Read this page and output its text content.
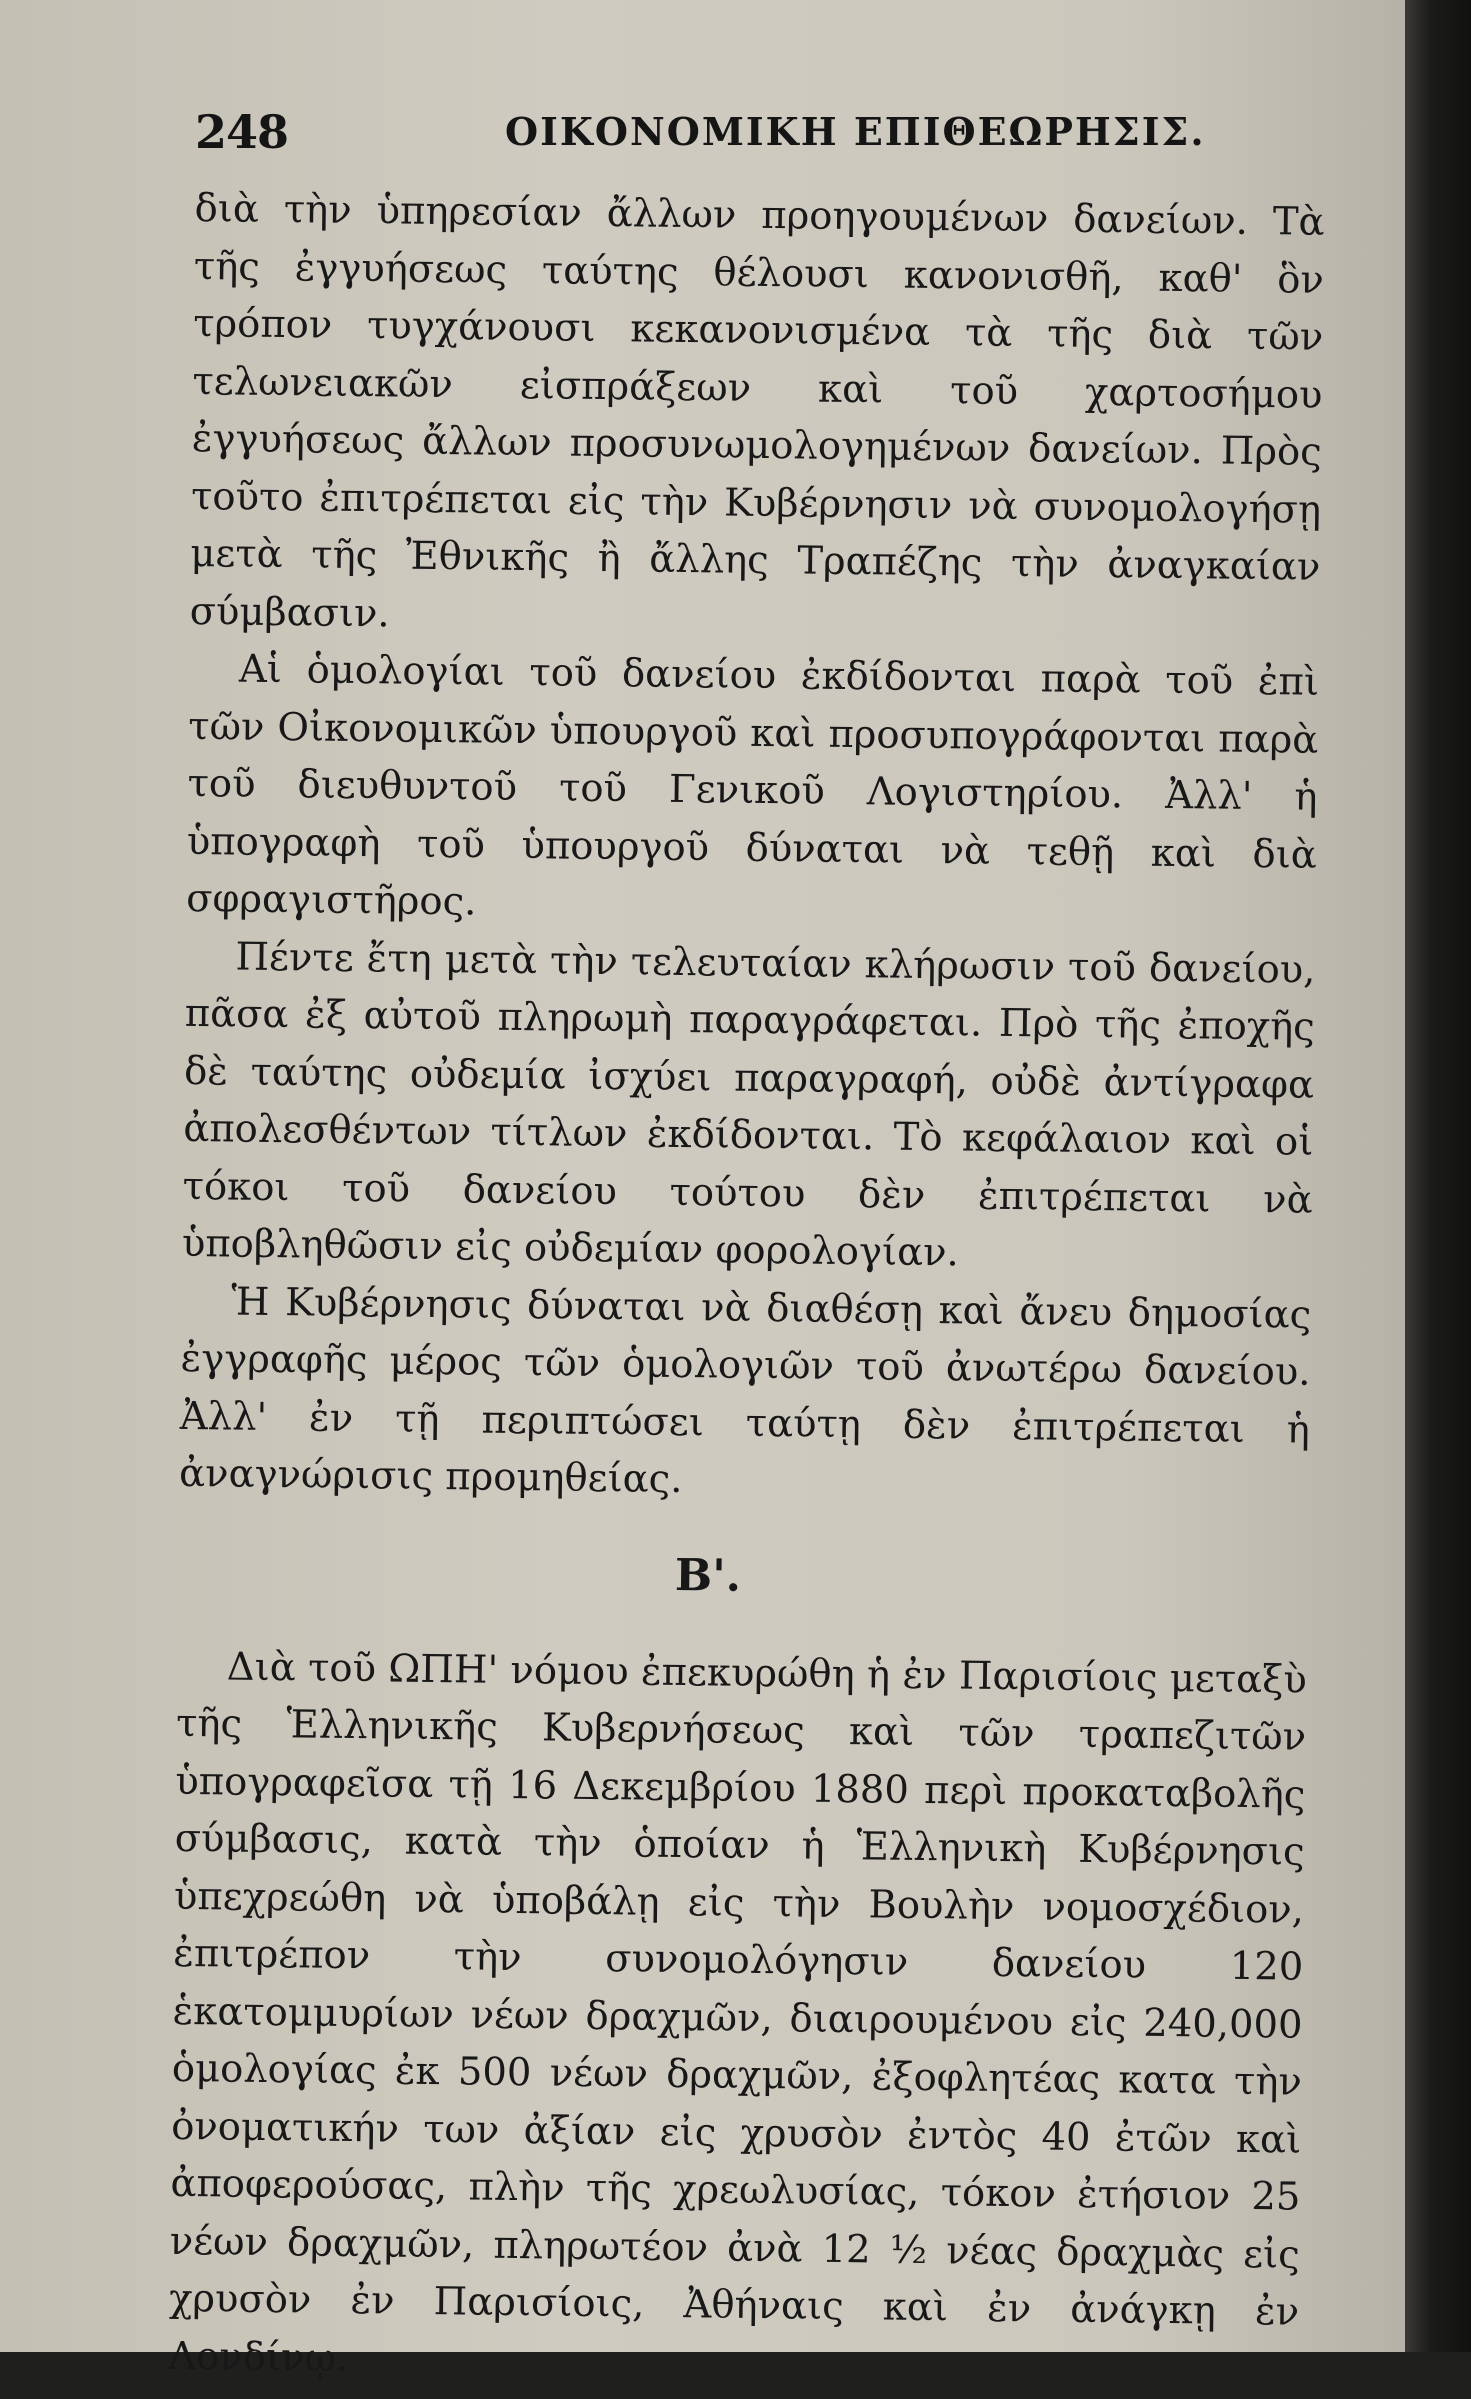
248	ΟΙΚΟΝΟΜΙΚΗ ΕΠΙΘΕΩΡΗΣΙΣ.

διὰ τὴν ὑπηρεσίαν ἄλλων προηγουμένων δανείων. Τὰ τῆς ἐγγυήσεως ταύτης θέλουσι κανονισθῆ, καθ' ὃν τρόπον τυγχάνουσι κεκανονισμένα τὰ τῆς διὰ τῶν τελωνειακῶν εἰσπράξεων καὶ τοῦ χαρτοσήμου ἐγγυήσεως ἄλλων προσυνωμολογημένων δανείων. Πρὸς τοῦτο ἐπιτρέπεται εἰς τὴν Κυβέρνησιν νὰ συνομολογήσῃ μετὰ τῆς Ἐθνικῆς ἢ ἄλλης Τραπέζης τὴν ἀναγκαίαν σύμβασιν.

Αἱ ὁμολογίαι τοῦ δανείου ἐκδίδονται παρὰ τοῦ ἐπὶ τῶν Οἰκονομικῶν ὑπουργοῦ καὶ προσυπογράφονται παρὰ τοῦ διευθυντοῦ τοῦ Γενικοῦ Λογιστηρίου. Ἀλλ' ἡ ὑπογραφὴ τοῦ ὑπουργοῦ δύναται νὰ τεθῇ καὶ διὰ σφραγιστῆρος.

Πέντε ἔτη μετὰ τὴν τελευταίαν κλήρωσιν τοῦ δανείου, πᾶσα ἐξ αὐτοῦ πληρωμὴ παραγράφεται. Πρὸ τῆς ἐποχῆς δὲ ταύτης οὐδεμία ἰσχύει παραγραφή, οὐδὲ ἀντίγραφα ἀπολεσθέντων τίτλων ἐκδίδονται. Τὸ κεφάλαιον καὶ οἱ τόκοι τοῦ δανείου τούτου δὲν ἐπιτρέπεται νὰ ὑποβληθῶσιν εἰς οὐδεμίαν φορολογίαν.

Ἡ Κυβέρνησις δύναται νὰ διαθέσῃ καὶ ἄνευ δημοσίας ἐγγραφῆς μέρος τῶν ὁμολογιῶν τοῦ ἀνωτέρω δανείου. Ἀλλ' ἐν τῇ περιπτώσει ταύτῃ δὲν ἐπιτρέπεται ἡ ἀναγνώρισις προμηθείας.

Β'.

Διὰ τοῦ ΩΠΗ' νόμου ἐπεκυρώθη ἡ ἐν Παρισίοις μεταξὺ τῆς Ἑλληνικῆς Κυβερνήσεως καὶ τῶν τραπεζιτῶν ὑπογραφεῖσα τῇ 16 Δεκεμβρίου 1880 περὶ προκαταβολῆς σύμβασις, κατὰ τὴν ὁποίαν ἡ Ἑλληνικὴ Κυβέρνησις ὑπεχρεώθη νὰ ὑποβάλῃ εἰς τὴν Βουλὴν νομοσχέδιον, ἐπιτρέπον τὴν συνομολόγησιν δανείου 120 ἑκατομμυρίων νέων δραχμῶν, διαιρουμένου εἰς 240,000 ὁμολογίας ἐκ 500 νέων δραχμῶν, ἐξοφλητέας κατα τὴν ὀνοματικήν των ἀξίαν εἰς χρυσὸν ἐντὸς 40 ἐτῶν καὶ ἀποφερούσας, πλὴν τῆς χρεωλυσίας, τόκον ἐτήσιον 25 νέων δραχμῶν, πληρωτέον ἀνὰ 12 ½ νέας δραχμὰς εἰς χρυσὸν ἐν Παρισίοις, Ἀθήναις καὶ ἐν ἀνάγκῃ ἐν Λονδίνῳ.
